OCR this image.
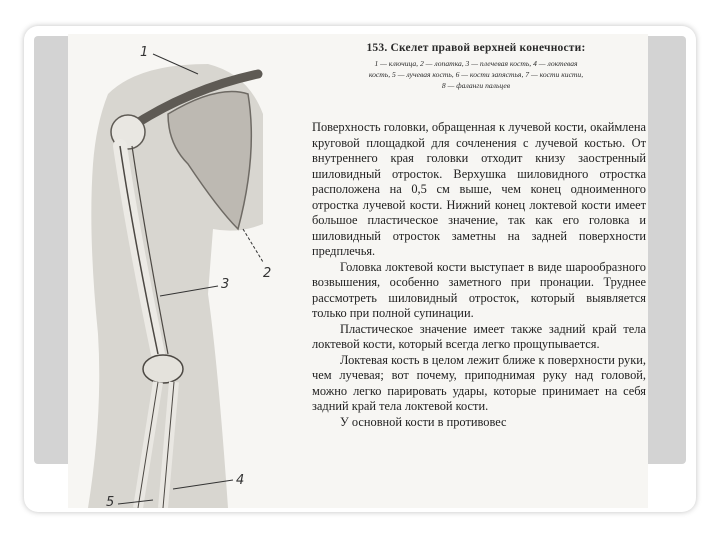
1
2
3
4
5

153. Скелет правой верхней конечности:

1 — ключица, 2 — лопатка, 3 — плечевая кость, 4 — локтевая

кость, 5 — лучевая кость, 6 — кости запястья, 7 — кости кисти,

8 — фаланги пальцев

Поверхность головки, обращенная к лучевой кости, окаймлена круговой площадкой для сочленения с лучевой костью. От внутреннего края головки отходит книзу заостренный шиловидный отросток. Верхушка шиловидного отростка расположена на 0,5 см выше, чем конец одноименного отростка лучевой кости. Нижний конец локтевой кости имеет большое пластическое значение, так как его головка и шиловидный отросток заметны на задней поверхности предплечья.

Головка локтевой кости выступает в виде шарообразного возвышения, особенно заметного при пронации. Труднее рассмотреть шиловидный отросток, который выявляется только при полной супинации.

Пластическое значение имеет также задний край тела локтевой кости, который всегда легко прощупывается.

Локтевая кость в целом лежит ближе к поверхности руки, чем лучевая; вот почему, приподнимая руку над головой, можно легко парировать удары, которые принимает на себя задний край тела локтевой кости.

У основной кости в противовес
